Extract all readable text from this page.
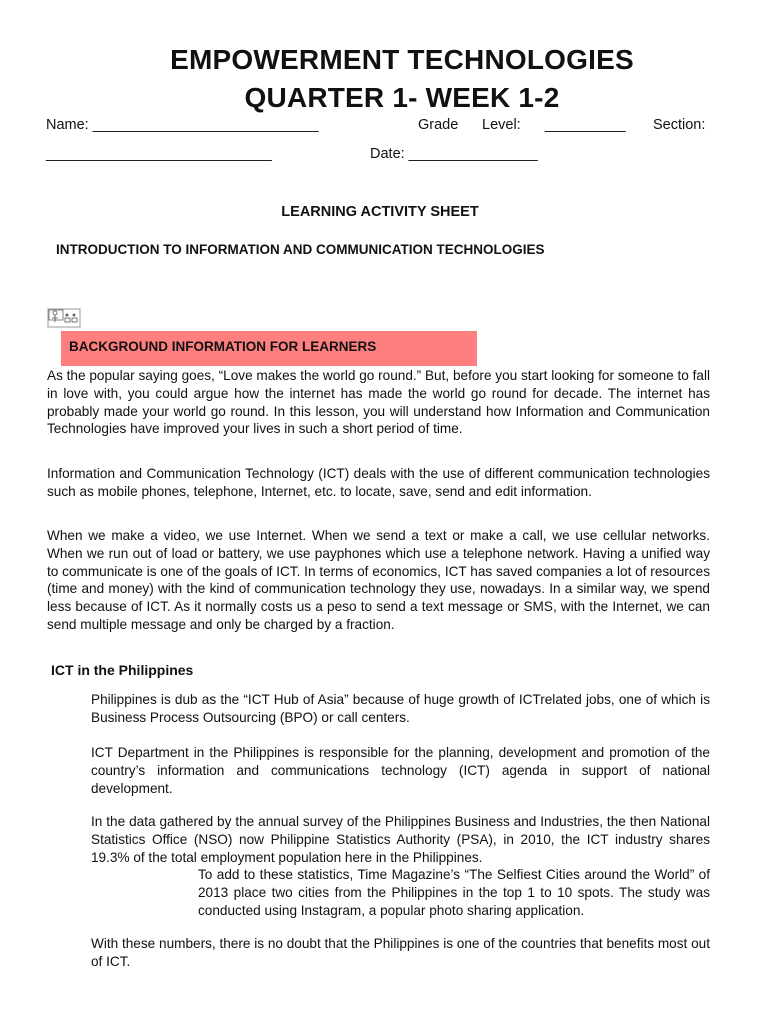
EMPOWERMENT TECHNOLOGIES
QUARTER 1- WEEK 1-2
Name: ____________________________	Grade Level:      __________ Section:
____________________________	Date: ________________
LEARNING ACTIVITY SHEET
INTRODUCTION TO INFORMATION AND COMMUNICATION TECHNOLOGIES
BACKGROUND INFORMATION FOR LEARNERS
As the popular saying goes, “Love makes the world go round.” But, before you start looking for someone to fall in love with, you could argue how the internet has made the world go round for decade. The internet has probably made your world go round. In this lesson, you will understand how Information and Communication Technologies have improved your lives in such a short period of time.
Information and Communication Technology (ICT) deals with the use of different communication technologies such as mobile phones, telephone, Internet, etc. to locate, save, send and edit information.
When we make a video, we use Internet. When we send a text or make a call, we use cellular networks. When we run out of load or battery, we use payphones which use a telephone network. Having a unified way to communicate is one of the goals of ICT. In terms of economics, ICT has saved companies a lot of resources (time and money) with the kind of communication technology they use, nowadays. In a similar way, we spend less because of ICT. As it normally costs us a peso to send a text message or SMS, with the Internet, we can send multiple message and only be charged by a fraction.
ICT in the Philippines
Philippines is dub as the “ICT Hub of Asia” because of huge growth of ICTrelated jobs, one of which is Business Process Outsourcing (BPO) or call centers.
ICT Department in the Philippines is responsible for the planning, development and promotion of the country’s information and communications technology (ICT) agenda in support of national development.
In the data gathered by the annual survey of the Philippines Business and Industries, the then National Statistics Office (NSO) now Philippine Statistics Authority (PSA), in 2010, the ICT industry shares 19.3% of the total employment population here in the Philippines.
To add to these statistics, Time Magazine’s “The Selfiest Cities around the World” of 2013 place two cities from the Philippines in the top 1 to 10 spots. The study was conducted using Instagram, a popular photo sharing application.
With these numbers, there is no doubt that the Philippines is one of the countries that benefits most out of ICT.
